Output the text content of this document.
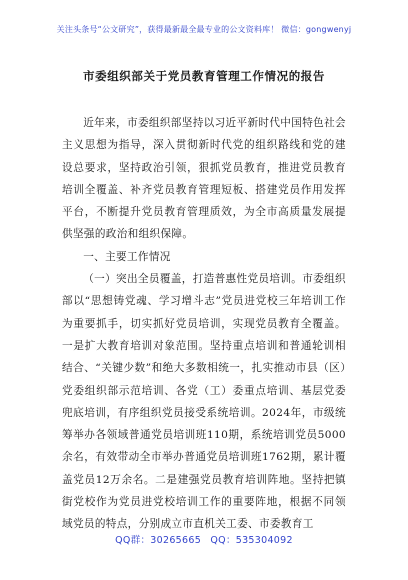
关注头条号“公文研究”，获得最新最全最专业的公文资料库！ 微信：gongwenyj
市委组织部关于党员教育管理工作情况的报告

近年来，市委组织部坚持以习近平新时代中国特色社会主义思想为指导，深入贯彻新时代党的组织路线和党的建设总要求，坚持政治引领，狠抓党员教育，推进党员教育培训全覆盖、补齐党员教育管理短板、搭建党员作用发挥平台，不断提升党员教育管理质效，为全市高质量发展提供坚强的政治和组织保障。

一、主要工作情况

（一）突出全员覆盖，打造普惠性党员培训。市委组织部以“思想铸党魂、学习增斗志”党员进党校三年培训工作为重要抓手，切实抓好党员培训，实现党员教育全覆盖。一是扩大教育培训对象范围。坚持重点培训和普通轮训相结合、“关键少数”和绝大多数相统一，扎实推动市县（区）党委组织部示范培训、各党（工）委重点培训、基层党委兜底培训，有序组织党员接受系统培训。2024年，市级统筹举办各领域普通党员培训班110期，系统培训党员5000余名，有效带动全市举办普通党员培训班1762期，累计覆盖党员12万余名。二是建强党员教育培训阵地。坚持把镇街党校作为党员进党校培训工作的重要阵地，根据不同领域党员的特点，分别成立市直机关工委、市委教育工

QQ群：30265665 QQ：535304092
